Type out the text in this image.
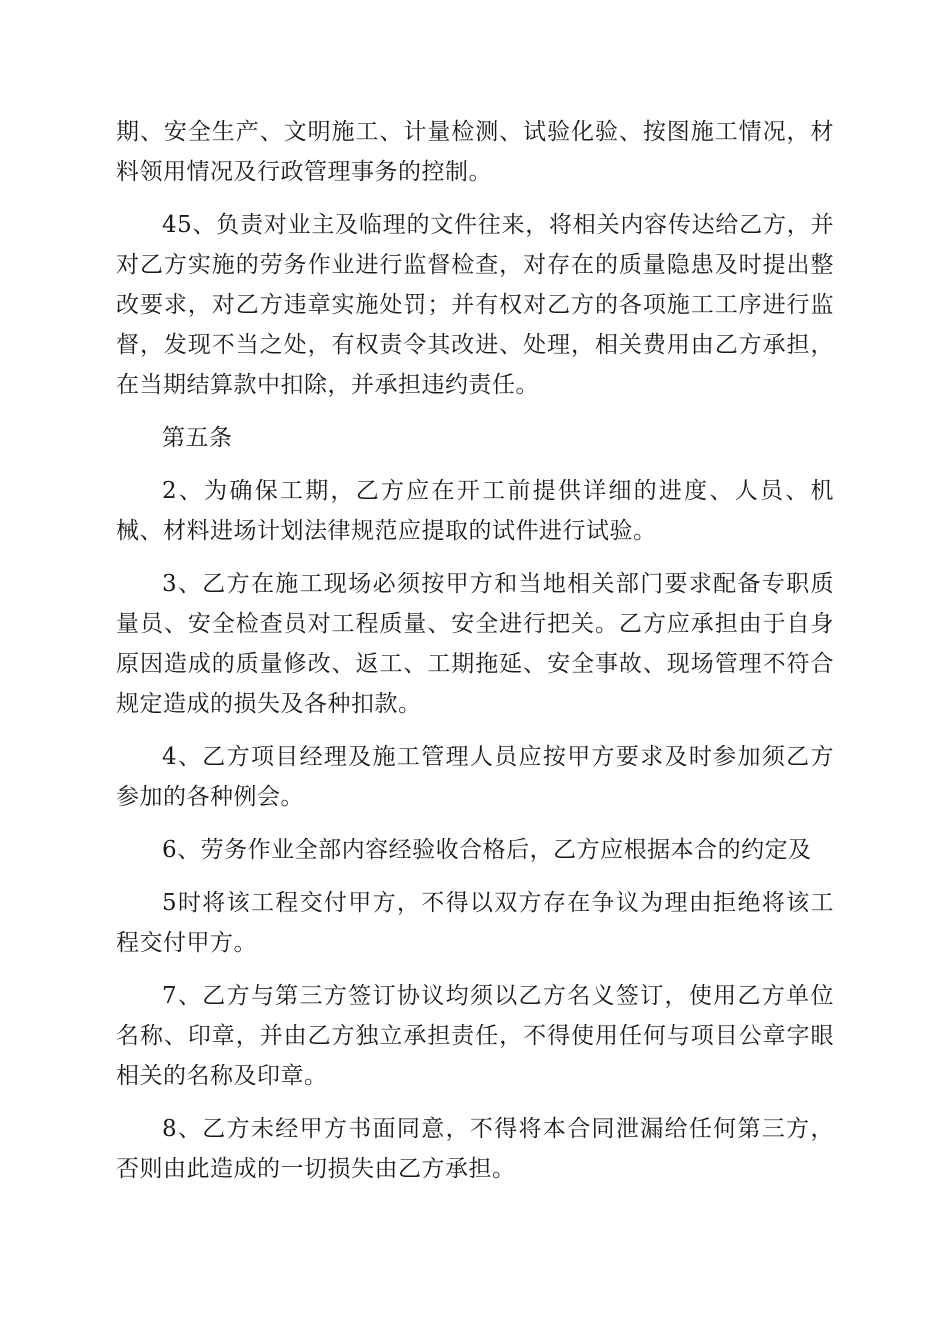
期、安全生产、文明施工、计量检测、试验化验、按图施工情况，材料领用情况及行政管理事务的控制。

45、负责对业主及临理的文件往来，将相关内容传达给乙方，并对乙方实施的劳务作业进行监督检查，对存在的质量隐患及时提出整改要求，对乙方违章实施处罚；并有权对乙方的各项施工工序进行监督，发现不当之处，有权责令其改进、处理，相关费用由乙方承担，在当期结算款中扣除，并承担违约责任。

第五条

2、为确保工期，乙方应在开工前提供详细的进度、人员、机械、材料进场计划法律规范应提取的试件进行试验。

3、乙方在施工现场必须按甲方和当地相关部门要求配备专职质量员、安全检查员对工程质量、安全进行把关。乙方应承担由于自身原因造成的质量修改、返工、工期拖延、安全事故、现场管理不符合规定造成的损失及各种扣款。

4、乙方项目经理及施工管理人员应按甲方要求及时参加须乙方参加的各种例会。

6、劳务作业全部内容经验收合格后，乙方应根据本合的约定及

5时将该工程交付甲方，不得以双方存在争议为理由拒绝将该工程交付甲方。

7、乙方与第三方签订协议均须以乙方名义签订，使用乙方单位名称、印章，并由乙方独立承担责任，不得使用任何与项目公章字眼相关的名称及印章。

8、乙方未经甲方书面同意，不得将本合同泄漏给任何第三方，否则由此造成的一切损失由乙方承担。
